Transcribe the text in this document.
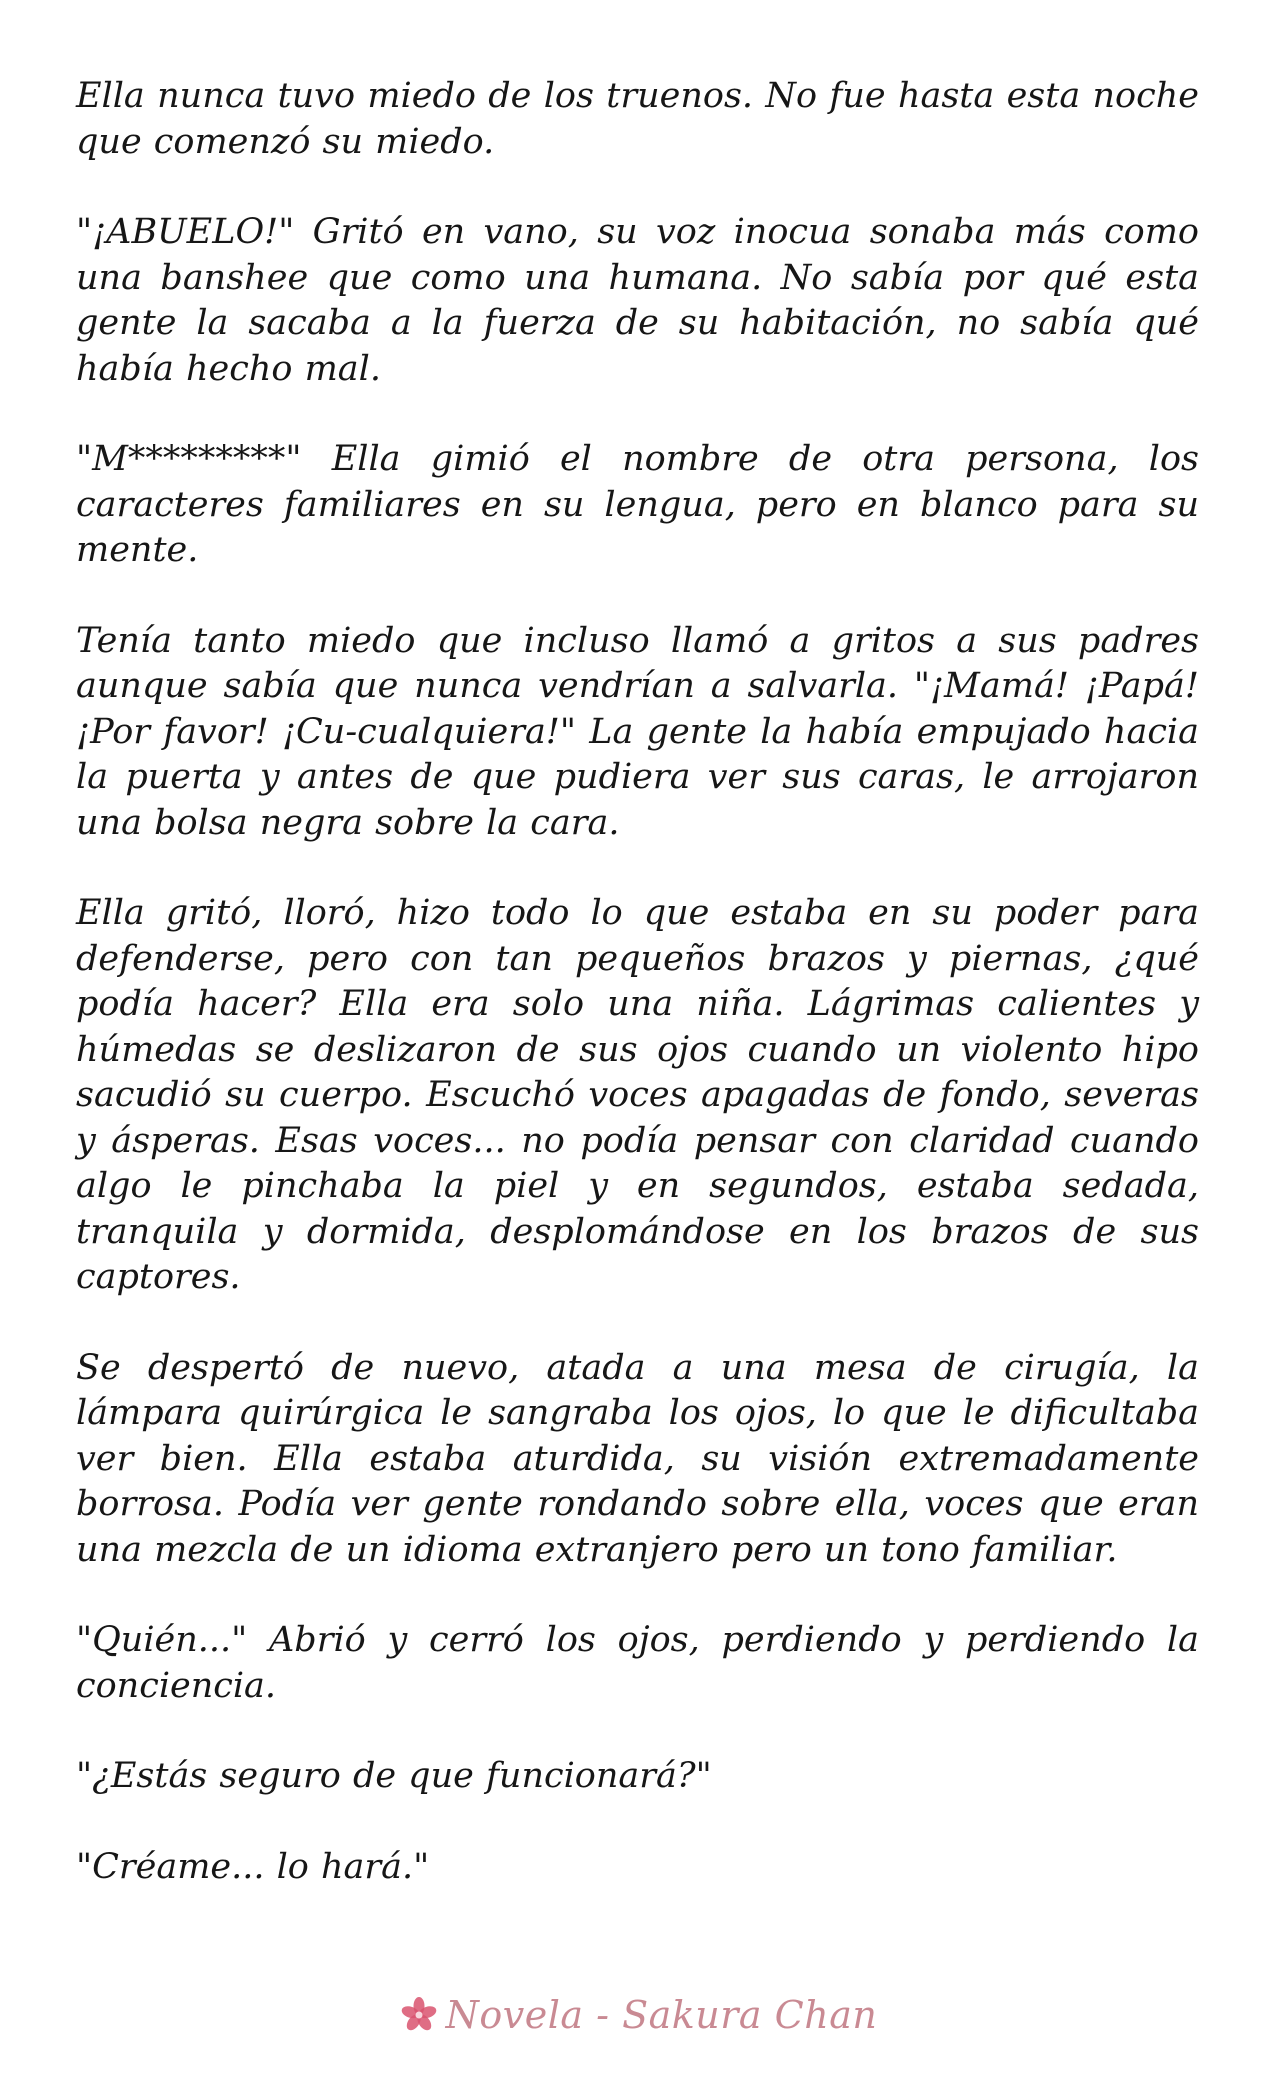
Ella nunca tuvo miedo de los truenos. No fue hasta esta noche que comenzó su miedo.

"¡ABUELO!" Gritó en vano, su voz inocua sonaba más como una banshee que como una humana. No sabía por qué esta gente la sacaba a la fuerza de su habitación, no sabía qué había hecho mal.

"M*********" Ella gimió el nombre de otra persona, los caracteres familiares en su lengua, pero en blanco para su mente.

Tenía tanto miedo que incluso llamó a gritos a sus padres aunque sabía que nunca vendrían a salvarla. "¡Mamá! ¡Papá! ¡Por favor! ¡Cu-cualquiera!" La gente la había empujado hacia la puerta y antes de que pudiera ver sus caras, le arrojaron una bolsa negra sobre la cara.

Ella gritó, lloró, hizo todo lo que estaba en su poder para defenderse, pero con tan pequeños brazos y piernas, ¿qué podía hacer? Ella era solo una niña. Lágrimas calientes y húmedas se deslizaron de sus ojos cuando un violento hipo sacudió su cuerpo. Escuchó voces apagadas de fondo, severas y ásperas. Esas voces... no podía pensar con claridad cuando algo le pinchaba la piel y en segundos, estaba sedada, tranquila y dormida, desplomándose en los brazos de sus captores.

Se despertó de nuevo, atada a una mesa de cirugía, la lámpara quirúrgica le sangraba los ojos, lo que le dificultaba ver bien. Ella estaba aturdida, su visión extremadamente borrosa. Podía ver gente rondando sobre ella, voces que eran una mezcla de un idioma extranjero pero un tono familiar.

"Quién..." Abrió y cerró los ojos, perdiendo y perdiendo la conciencia.

"¿Estás seguro de que funcionará?"

"Créame... lo hará."

Novela - Sakura Chan
